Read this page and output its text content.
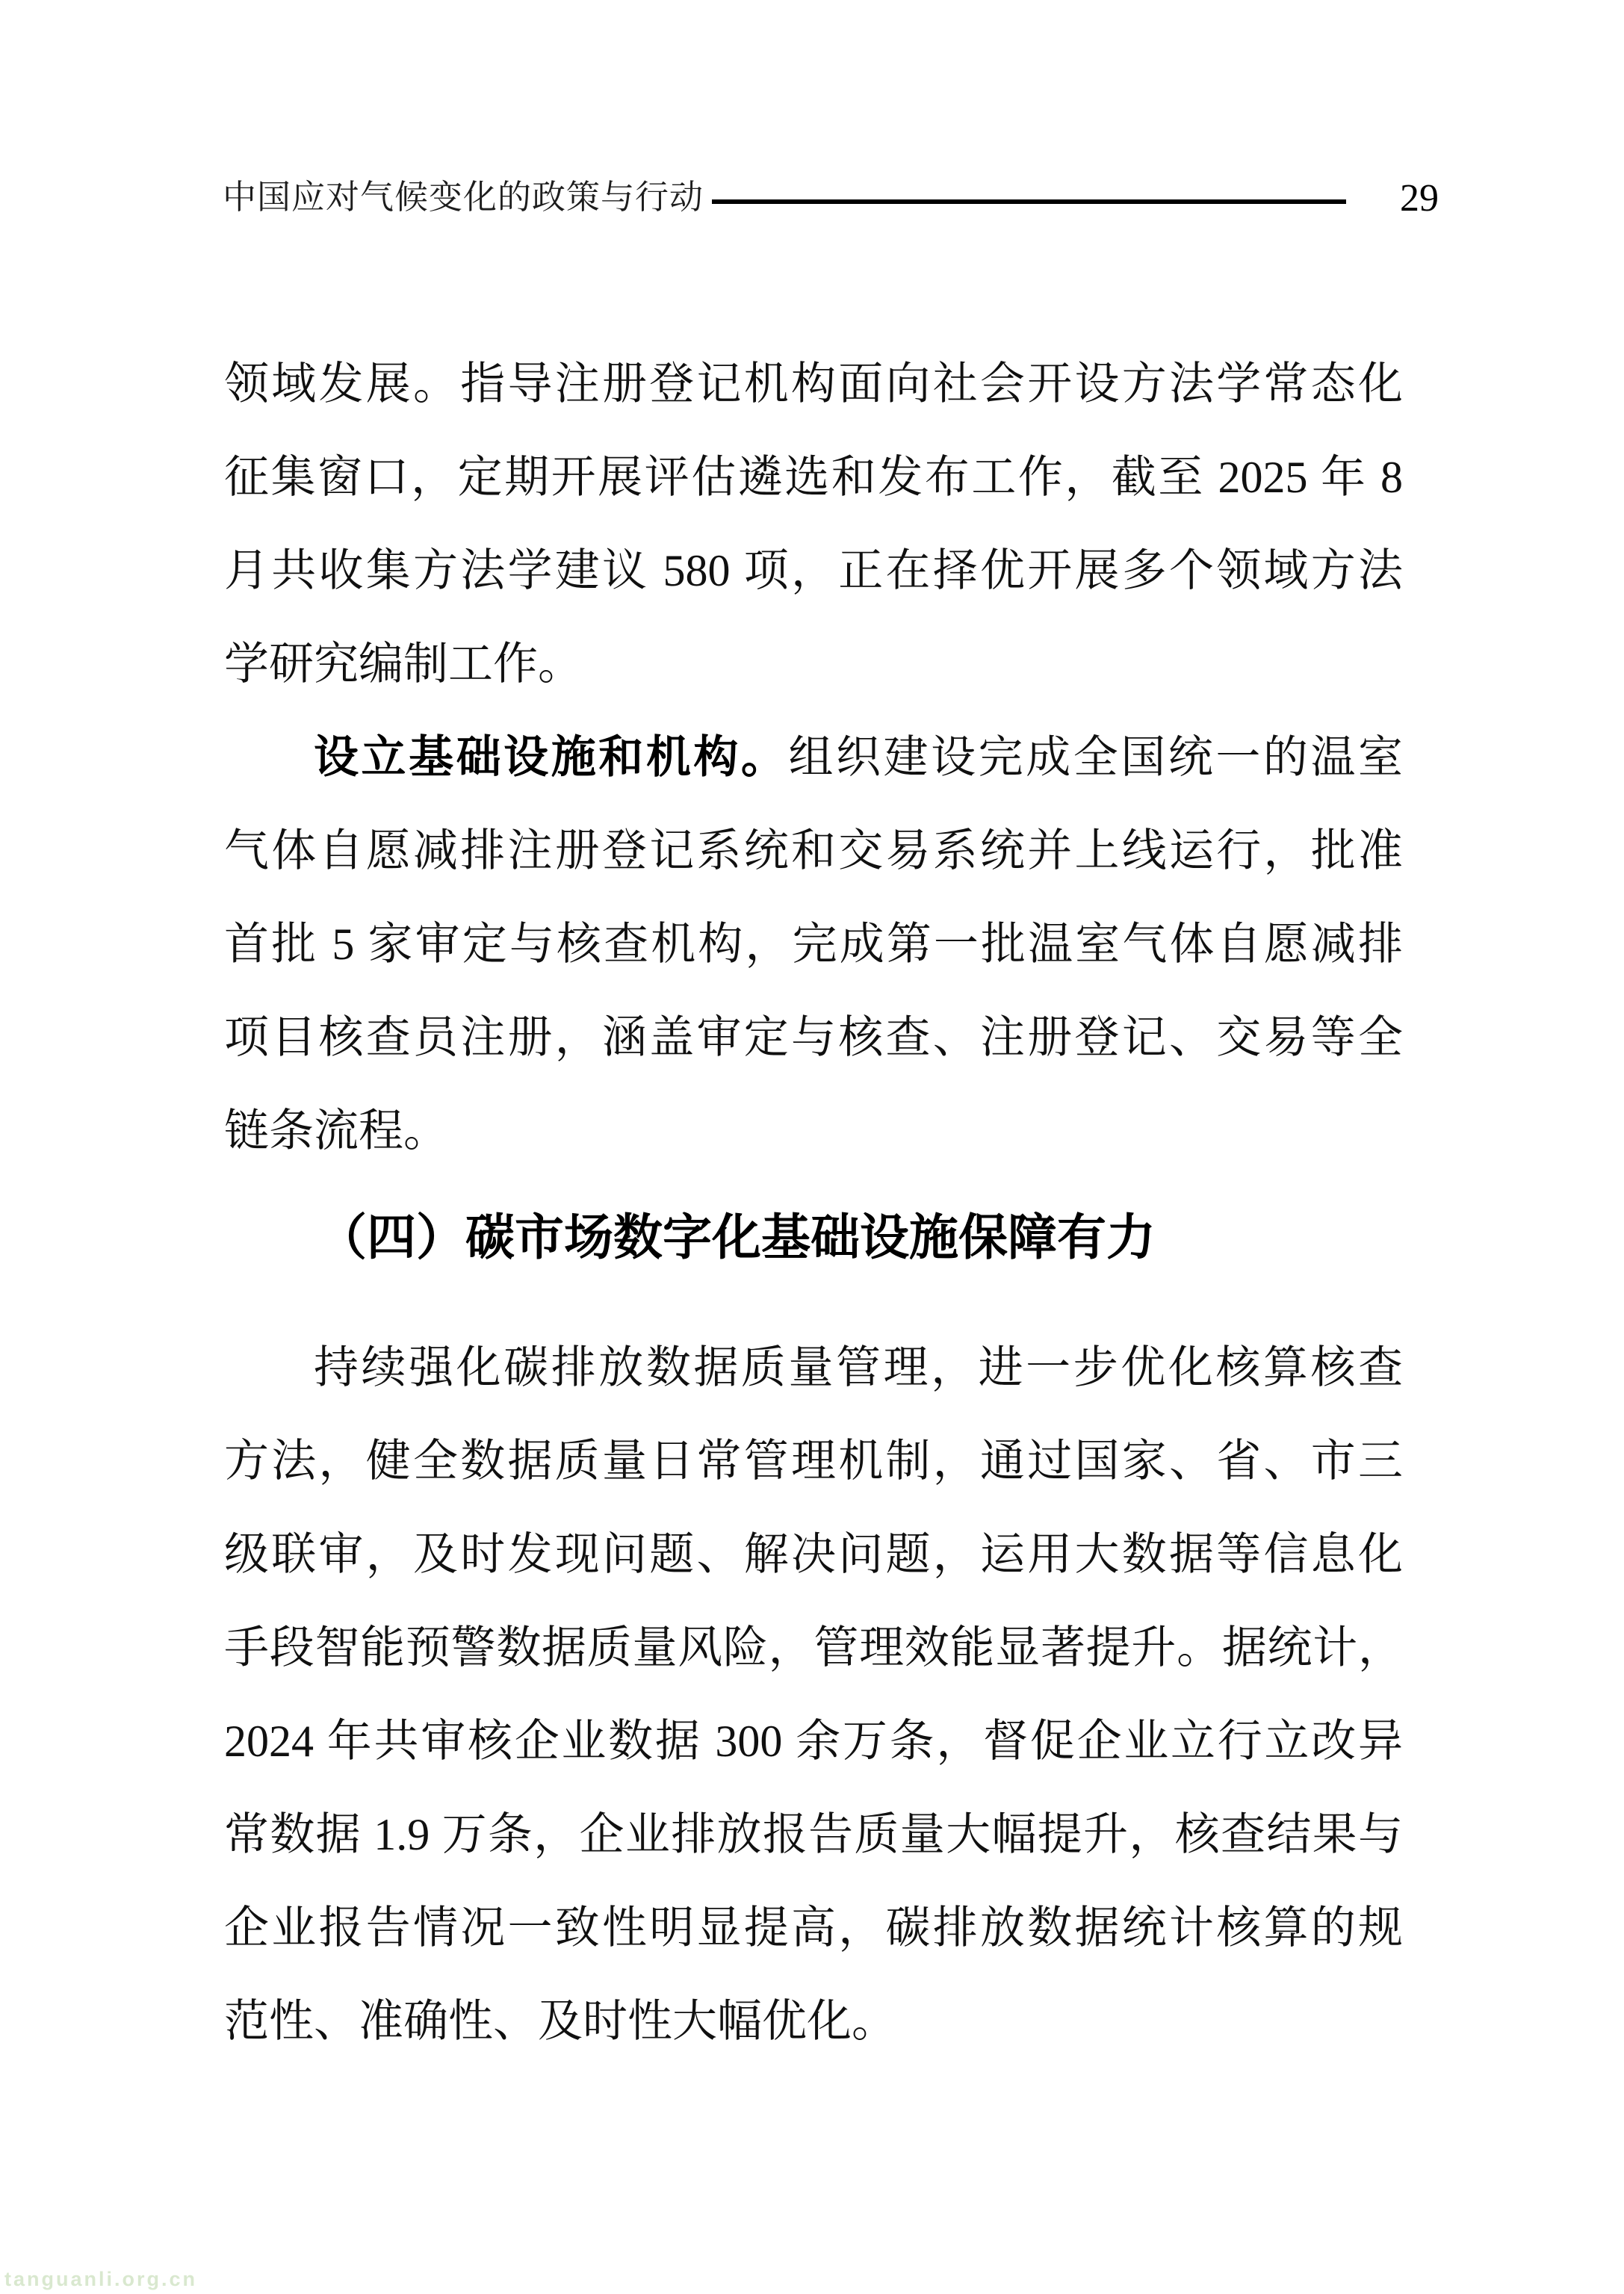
中国应对气候变化的政策与行动	29
领域发展。指导注册登记机构面向社会开设方法学常态化
征集窗口，定期开展评估遴选和发布工作，截至 2025 年 8
月共收集方法学建议 580 项，正在择优开展多个领域方法
学研究编制工作。
设立基础设施和机构。组织建设完成全国统一的温室
气体自愿减排注册登记系统和交易系统并上线运行，批准
首批 5 家审定与核查机构，完成第一批温室气体自愿减排
项目核查员注册，涵盖审定与核查、注册登记、交易等全
链条流程。
（四）碳市场数字化基础设施保障有力
持续强化碳排放数据质量管理，进一步优化核算核查
方法，健全数据质量日常管理机制，通过国家、省、市三
级联审，及时发现问题、解决问题，运用大数据等信息化
手段智能预警数据质量风险，管理效能显著提升。据统计，
2024 年共审核企业数据 300 余万条，督促企业立行立改异
常数据 1.9 万条，企业排放报告质量大幅提升，核查结果与
企业报告情况一致性明显提高，碳排放数据统计核算的规
范性、准确性、及时性大幅优化。
tanguanli.org.cn
